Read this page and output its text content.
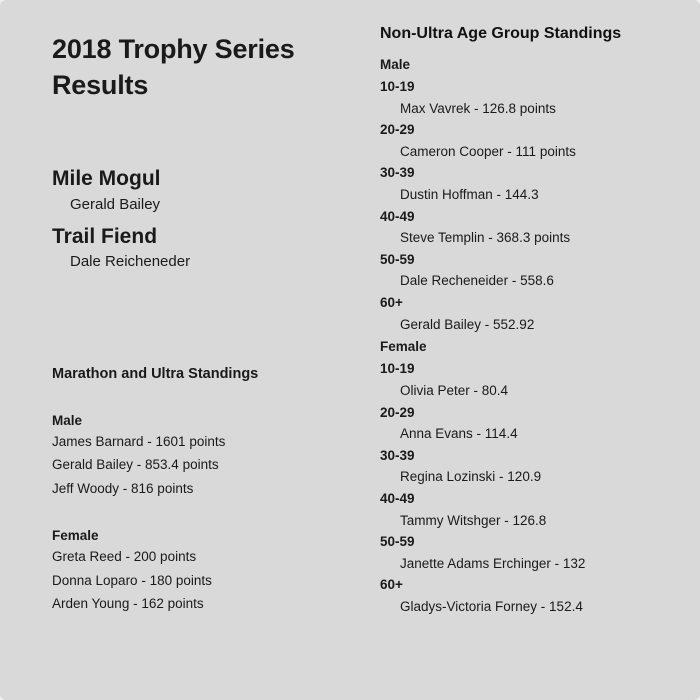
2018 Trophy Series Results
Mile Mogul
Gerald Bailey
Trail Fiend
Dale Reicheneder
Marathon and Ultra Standings
Male
James Barnard - 1601 points
Gerald Bailey - 853.4 points
Jeff Woody - 816 points
Female
Greta Reed - 200 points
Donna Loparo - 180 points
Arden Young - 162 points
Non-Ultra Age Group Standings
Male
10-19
Max Vavrek - 126.8 points
20-29
Cameron Cooper - 111 points
30-39
Dustin Hoffman - 144.3
40-49
Steve Templin - 368.3 points
50-59
Dale Recheneider - 558.6
60+
Gerald Bailey - 552.92
Female
10-19
Olivia Peter - 80.4
20-29
Anna Evans - 114.4
30-39
Regina Lozinski - 120.9
40-49
Tammy Witshger - 126.8
50-59
Janette Adams Erchinger - 132
60+
Gladys-Victoria Forney - 152.4
